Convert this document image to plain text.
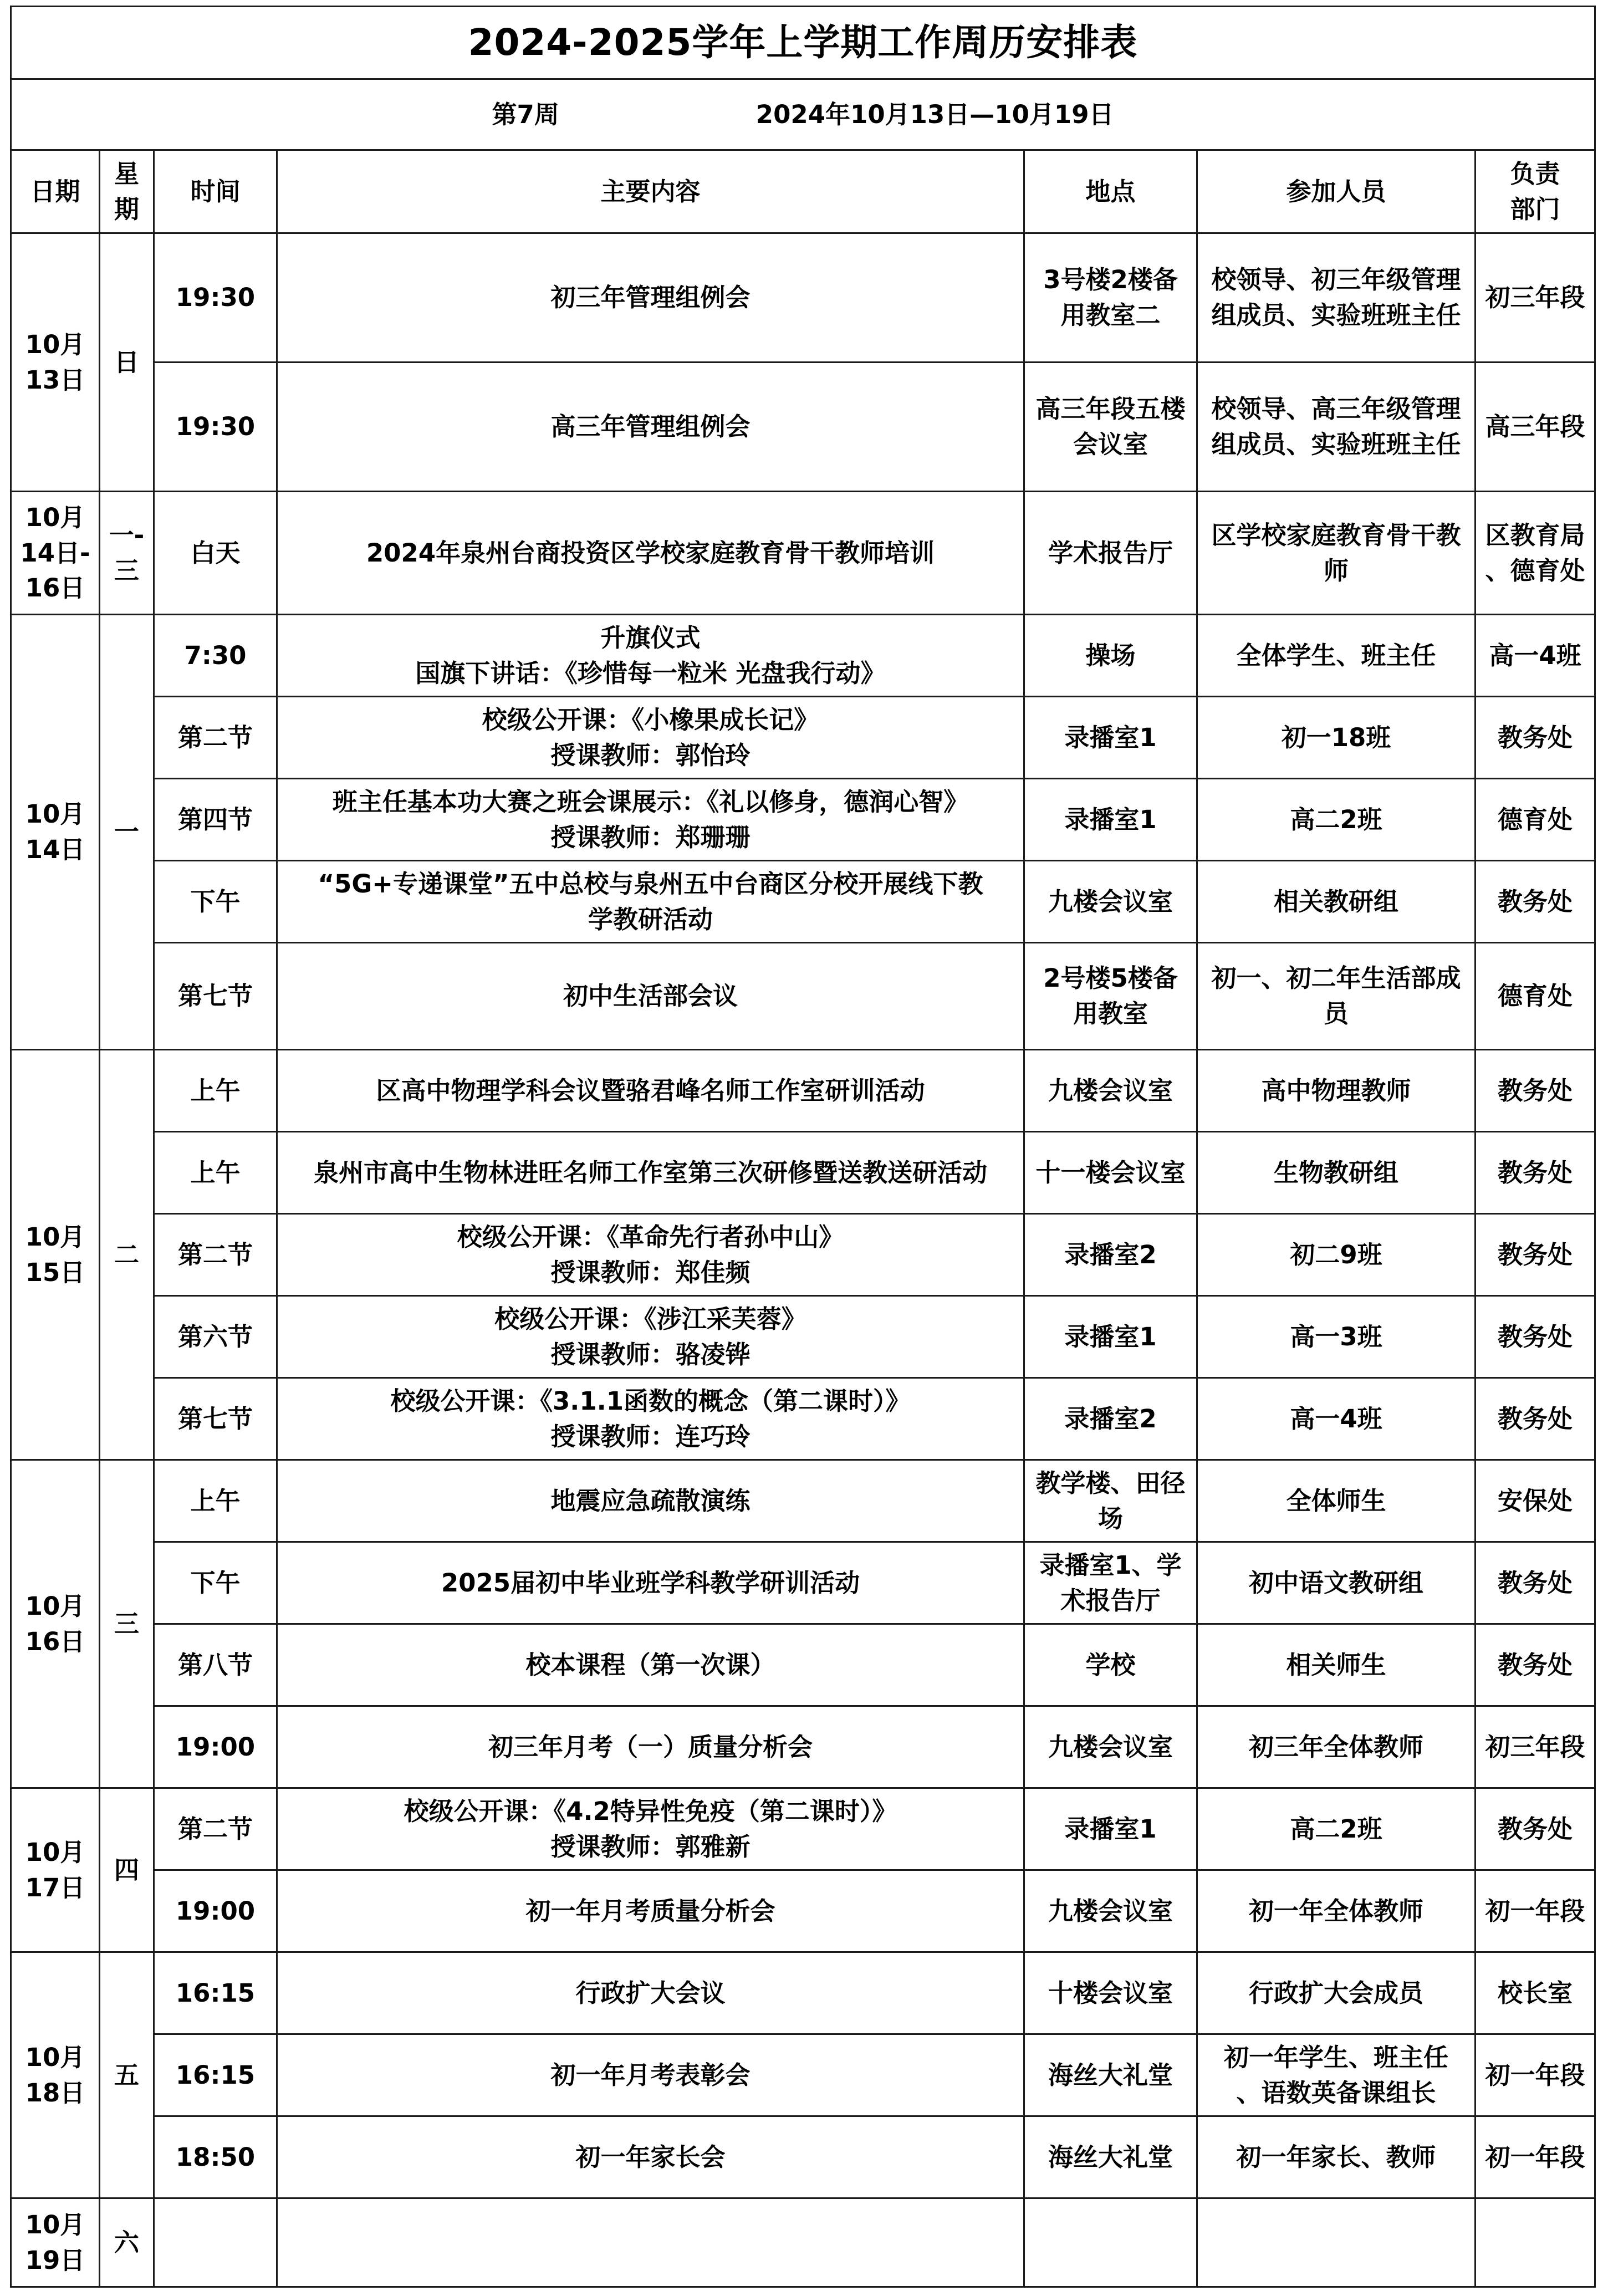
2024-2025学年上学期工作周历安排表						
第7周 2024年10月13日—10月19日						
日期	星期	时间	主要内容	地点	参加人员	负责
部门

10月
13日	日	19:30	初三年管理组例会	3号楼2楼备
用教室二	校领导、初三年级管理
组成员、实验班班主任	初三年段

		19:30	高三年管理组例会	高三年段五楼
会议室	校领导、高三年级管理
组成员、实验班班主任	高三年段

10月
14日-
16日	一-三	白天	2024年泉州台商投资区学校家庭教育骨干教师培训	学术报告厅	区学校家庭教育骨干教
师	区教育局
、德育处

10月
14日	一	7:30	升旗仪式
国旗下讲话：《珍惜每一粒米 光盘我行动》	操场	全体学生、班主任	高一4班

		第二节	校级公开课：《小橡果成长记》
授课教师：郭怡玲	录播室1	初一18班	教务处

		第四节	班主任基本功大赛之班会课展示：《礼以修身，德润心智》
授课教师：郑珊珊	录播室1	高二2班	德育处

		下午	“5G+专递课堂”五中总校与泉州五中台商区分校开展线下教
学教研活动	九楼会议室	相关教研组	教务处

		第七节	初中生活部会议	2号楼5楼备
用教室	初一、初二年生活部成
员	德育处

10月
15日	二	上午	区高中物理学科会议暨骆君峰名师工作室研训活动	九楼会议室	高中物理教师	教务处

		上午	泉州市高中生物林进旺名师工作室第三次研修暨送教送研活动	十一楼会议室	生物教研组	教务处

		第二节	校级公开课：《革命先行者孙中山》
授课教师：郑佳频	录播室2	初二9班	教务处

		第六节	校级公开课：《涉江采芙蓉》
授课教师：骆凌铧	录播室1	高一3班	教务处

		第七节	校级公开课：《3.1.1函数的概念（第二课时）》
授课教师：连巧玲	录播室2	高一4班	教务处

10月
16日	三	上午	地震应急疏散演练	教学楼、田径
场	全体师生	安保处

		下午	2025届初中毕业班学科教学研训活动	录播室1、学
术报告厅	初中语文教研组	教务处

		第八节	校本课程（第一次课）	学校	相关师生	教务处

		19:00	初三年月考（一）质量分析会	九楼会议室	初三年全体教师	初三年段

10月
17日	四	第二节	校级公开课：《4.2特异性免疫（第二课时）》
授课教师：郭雅新	录播室1	高二2班	教务处

		19:00	初一年月考质量分析会	九楼会议室	初一年全体教师	初一年段

10月
18日	五	16:15	行政扩大会议	十楼会议室	行政扩大会成员	校长室

		16:15	初一年月考表彰会	海丝大礼堂	初一年学生、班主任
、语数英备课组长	初一年段

		18:50	初一年家长会	海丝大礼堂	初一年家长、教师	初一年段

10月
19日	六		
